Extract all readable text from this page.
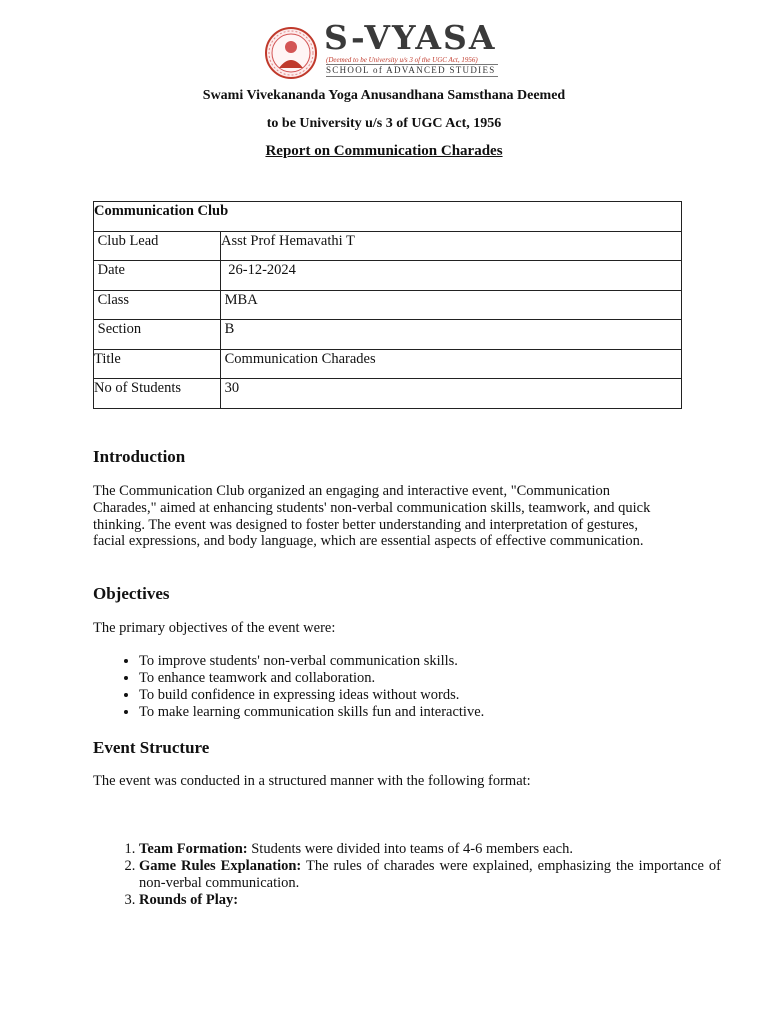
S-VYASA
(Deemed to be University u/s 3 of the UGC Act, 1956)
SCHOOL of ADVANCED STUDIES
Swami Vivekananda Yoga Anusandhana Samsthana Deemed
to be University u/s 3 of UGC Act, 1956
Report on Communication Charades
Communication Club	
Club Lead	Asst Prof Hemavathi T
Date	26-12-2024
Class	MBA
Section	B
Title	Communication Charades
No of Students	30
Introduction

The Communication Club organized an engaging and interactive event, "Communication Charades," aimed at enhancing students' non-verbal communication skills, teamwork, and quick thinking. The event was designed to foster better understanding and interpretation of gestures, facial expressions, and body language, which are essential aspects of effective communication.

Objectives

The primary objectives of the event were:

• To improve students' non-verbal communication skills.
• To enhance teamwork and collaboration.
• To build confidence in expressing ideas without words.
• To make learning communication skills fun and interactive.
Event Structure

The event was conducted in a structured manner with the following format:

1. Team Formation: Students were divided into teams of 4-6 members each.
2. Game Rules Explanation: The rules of charades were explained, emphasizing the importance of non-verbal communication.
3. Rounds of Play:
